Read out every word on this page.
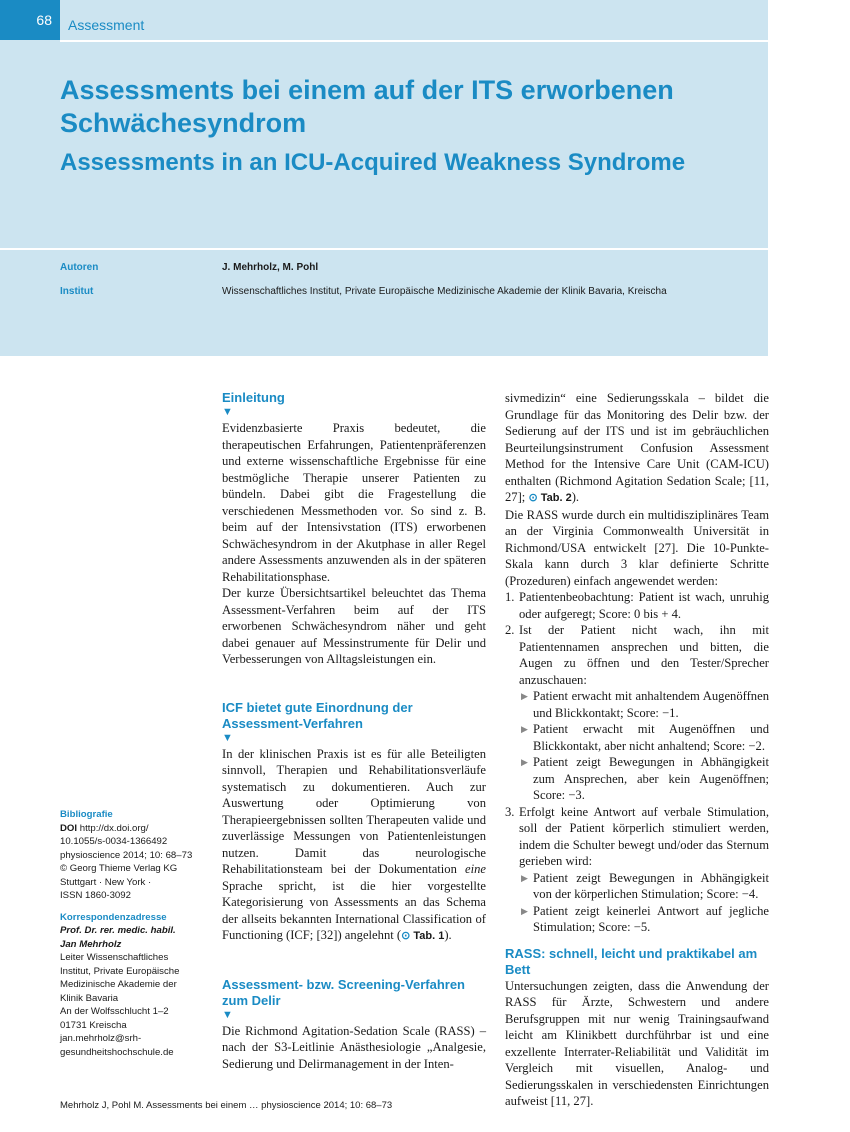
68	Assessment
Assessments bei einem auf der ITS erworbenen Schwächesyndrom
Assessments in an ICU-Acquired Weakness Syndrome
Autoren	J. Mehrholz, M. Pohl
Institut	Wissenschaftliches Institut, Private Europäische Medizinische Akademie der Klinik Bavaria, Kreischa
Bibliografie
DOI http://dx.doi.org/
10.1055/s-0034-1366492
physioscience 2014; 10: 68–73
© Georg Thieme Verlag KG
Stuttgart · New York ·
ISSN 1860-3092
Korrespondenzadresse
Prof. Dr. rer. medic. habil.
Jan Mehrholz
Leiter Wissenschaftliches
Institut, Private Europäische
Medizinische Akademie der
Klinik Bavaria
An der Wolfsschlucht 1–2
01731 Kreischa
jan.mehrholz@srh-
gesundheitshochschule.de
Einleitung
▼

Evidenzbasierte Praxis bedeutet, die therapeutischen Erfahrungen, Patientenpräferenzen und externe wissenschaftliche Ergebnisse für eine bestmögliche Therapie unserer Patienten zu bündeln. Dabei gibt die Fragestellung die verschiedenen Messmethoden vor. So sind z. B. beim auf der Intensivstation (ITS) erworbenen Schwächesyndrom in der Akutphase in aller Regel andere Assessments anzuwenden als in der späteren Rehabilitationsphase.

Der kurze Übersichtsartikel beleuchtet das Thema Assessment-Verfahren beim auf der ITS erworbenen Schwächesyndrom näher und geht dabei genauer auf Messinstrumente für Delir und Verbesserungen von Alltagsleistungen ein.

ICF bietet gute Einordnung der Assessment-Verfahren
▼

In der klinischen Praxis ist es für alle Beteiligten sinnvoll, Therapien und Rehabilitationsverläufe systematisch zu dokumentieren. Auch zur Auswertung oder Optimierung von Therapieergebnissen sollten Therapeuten valide und zuverlässige Messungen von Patientenleistungen nutzen. Damit das neurologische Rehabilitationsteam bei der Dokumentation eine Sprache spricht, ist die hier vorgestellte Kategorisierung von Assessments an das Schema der allseits bekannten International Classification of Functioning (ICF; [32]) angelehnt (⊙ Tab. 1).

Assessment- bzw. Screening-Verfahren zum Delir
▼

Die Richmond Agitation-Sedation Scale (RASS) – nach der S3-Leitlinie Anästhesiologie „Analgesie, Sedierung und Delirmanagement in der Inten-

sivmedizin“ eine Sedierungsskala – bildet die Grundlage für das Monitoring des Delir bzw. der Sedierung auf der ITS und ist im gebräuchlichen Beurteilungsinstrument Confusion Assessment Method for the Intensive Care Unit (CAM-ICU) enthalten (Richmond Agitation Sedation Scale; [11, 27]; ⊙ Tab. 2).

Die RASS wurde durch ein multidisziplinäres Team an der Virginia Commonwealth Universität in Richmond/USA entwickelt [27]. Die 10-Punkte-Skala kann durch 3 klar definierte Schritte (Prozeduren) einfach angewendet werden:

1. Patientenbeobachtung: Patient ist wach, unruhig oder aufgeregt; Score: 0 bis + 4.
2. Ist der Patient nicht wach, ihn mit Patientennamen ansprechen und bitten, die Augen zu öffnen und den Tester/Sprecher anzuschauen:
▶ Patient erwacht mit anhaltendem Augenöffnen und Blickkontakt; Score: −1.
▶ Patient erwacht mit Augenöffnen und Blickkontakt, aber nicht anhaltend; Score: −2.
▶ Patient zeigt Bewegungen in Abhängigkeit zum Ansprechen, aber kein Augenöffnen; Score: −3.
3. Erfolgt keine Antwort auf verbale Stimulation, soll der Patient körperlich stimuliert werden, indem die Schulter bewegt und/oder das Sternum gerieben wird:
▶ Patient zeigt Bewegungen in Abhängigkeit von der körperlichen Stimulation; Score: −4.
▶ Patient zeigt keinerlei Antwort auf jegliche Stimulation; Score: −5.
RASS: schnell, leicht und praktikabel am Bett

Untersuchungen zeigten, dass die Anwendung der RASS für Ärzte, Schwestern und andere Berufsgruppen mit nur wenig Trainingsaufwand leicht am Klinikbett durchführbar ist und eine exzellente Interrater-Reliabilität und Validität im Vergleich mit visuellen, Analog- und Sedierungsskalen in verschiedensten Einrichtungen aufweist [11, 27].

Mehrholz J, Pohl M. Assessments bei einem … physioscience 2014; 10: 68–73
